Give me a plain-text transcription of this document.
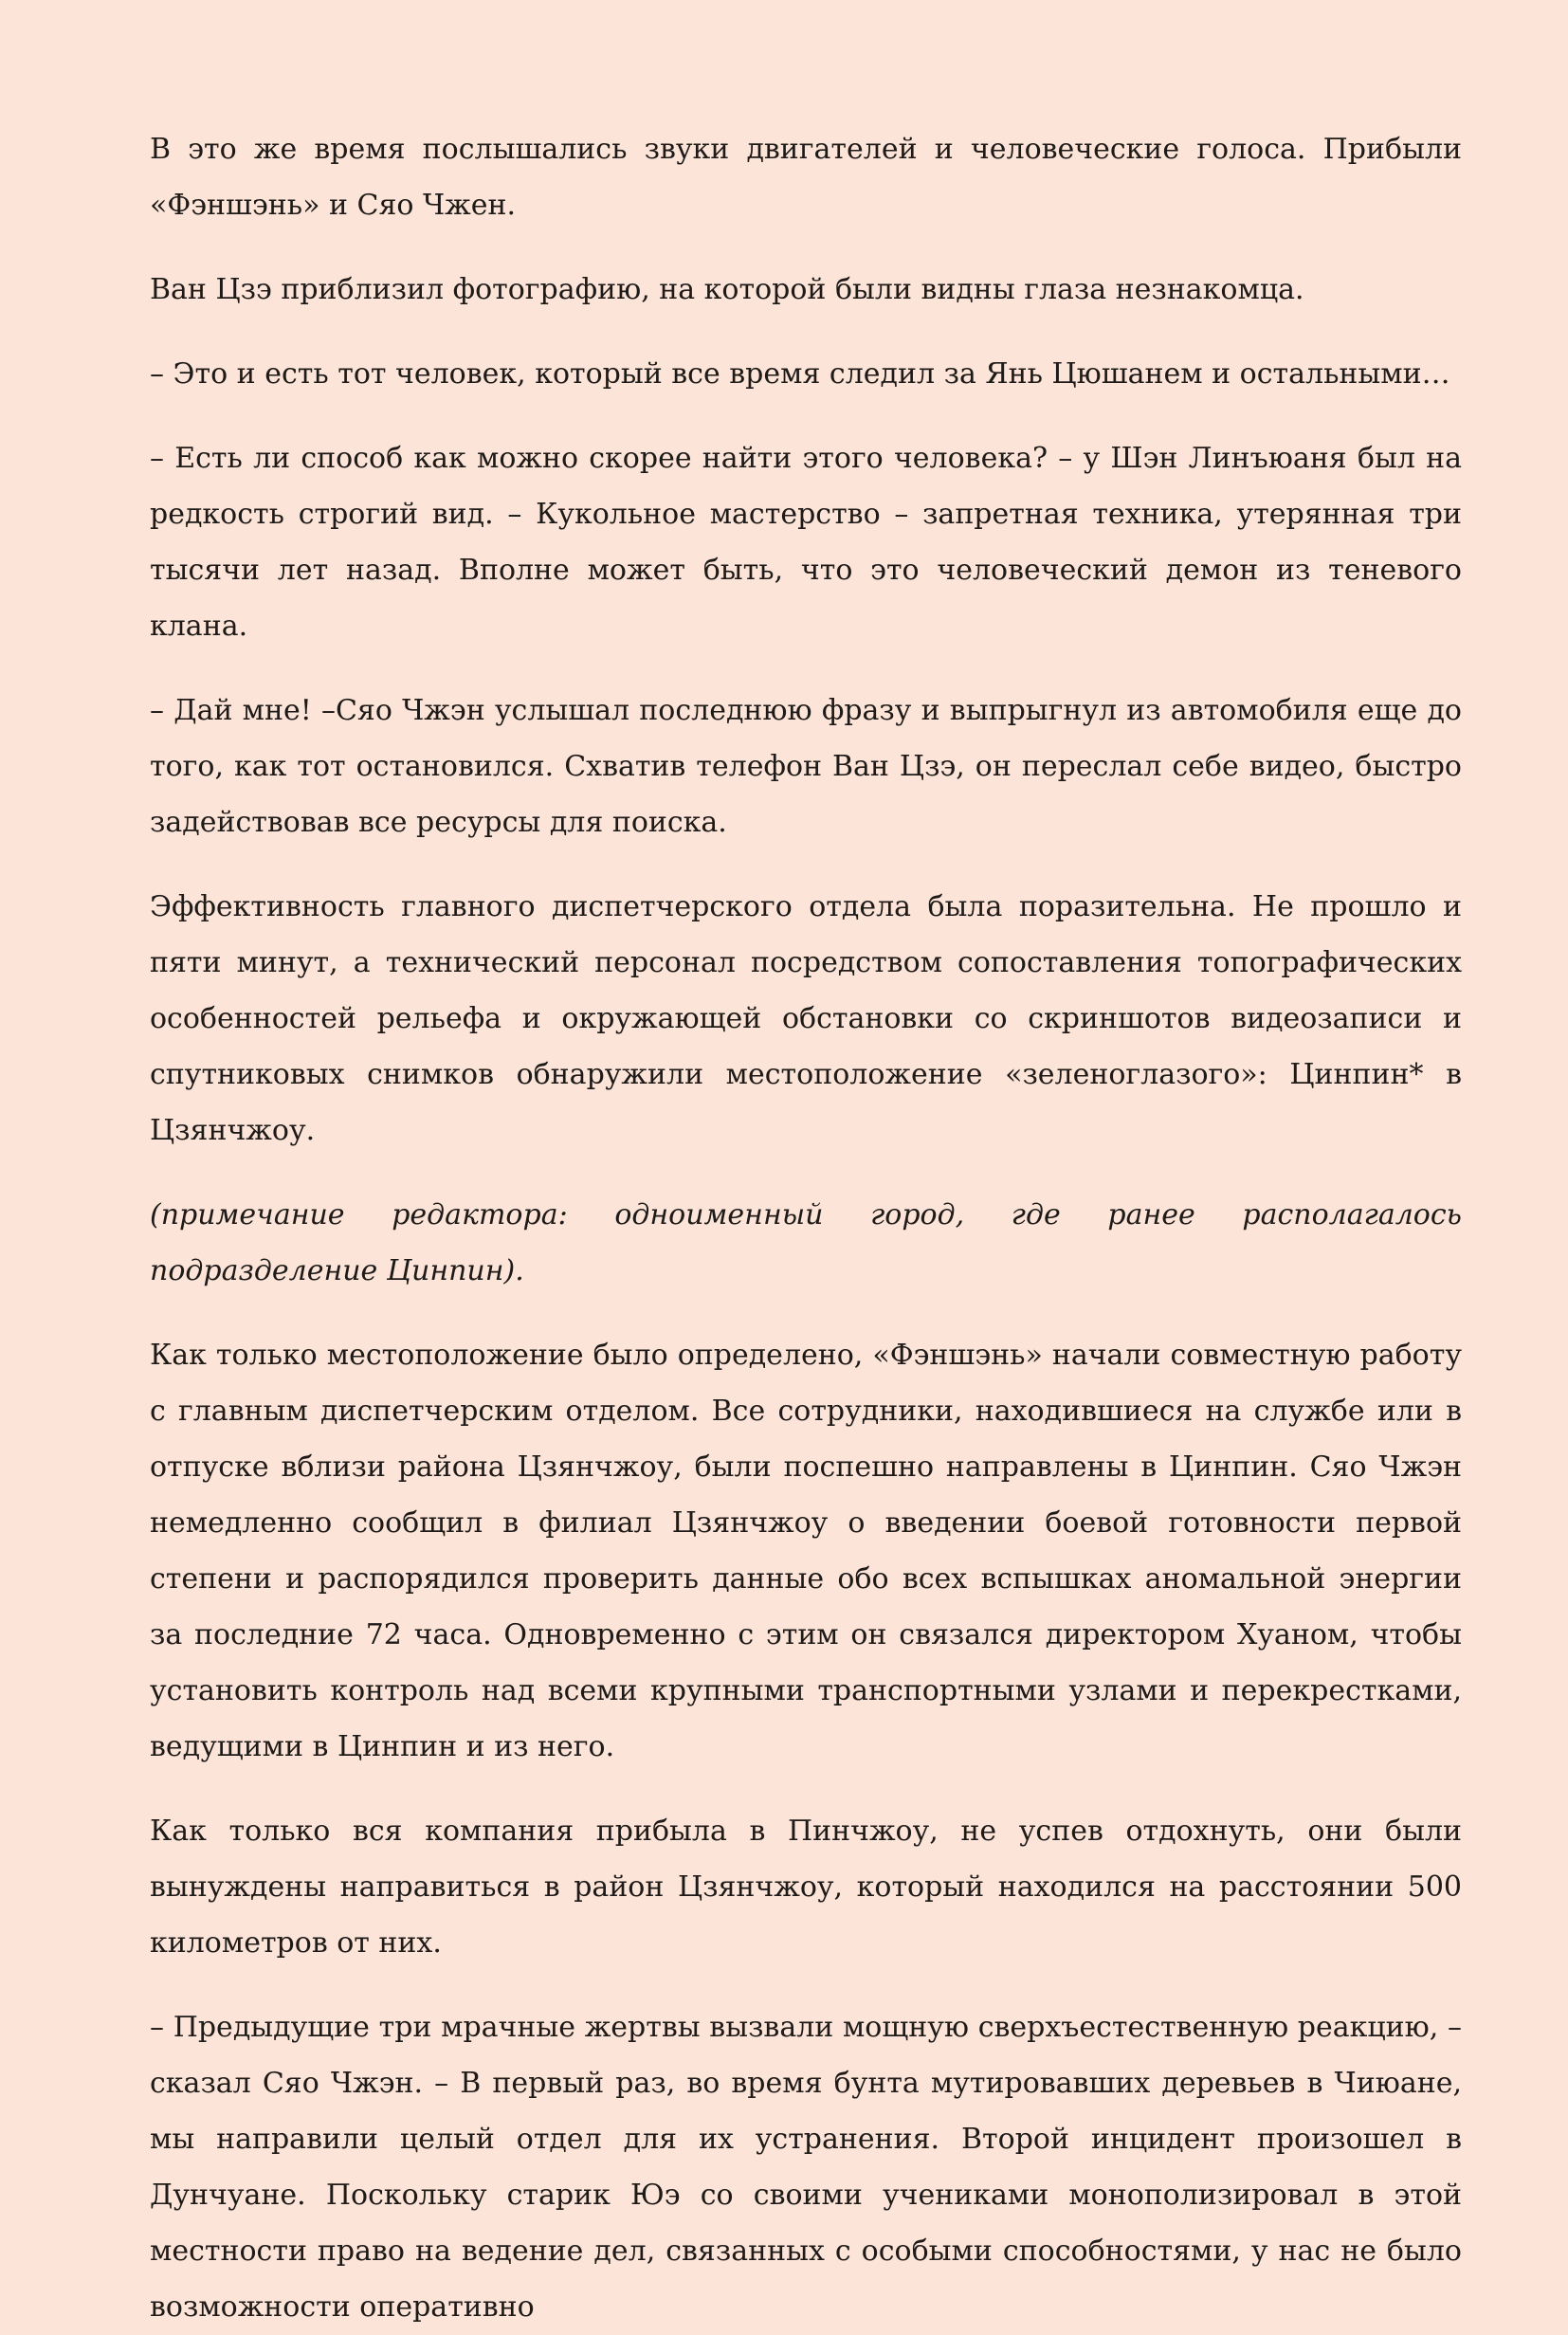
В это же время послышались звуки двигателей и человеческие голоса. Прибыли «Фэншэнь» и Сяо Чжен.

Ван Цзэ приблизил фотографию, на которой были видны глаза незнакомца.

– Это и есть тот человек, который все время следил за Янь Цюшанем и остальными…

– Есть ли способ как можно скорее найти этого человека? – у Шэн Линъюаня был на редкость строгий вид. – Кукольное мастерство – запретная техника, утерянная три тысячи лет назад. Вполне может быть, что это человеческий демон из теневого клана.

– Дай мне! –Сяо Чжэн услышал последнюю фразу и выпрыгнул из автомобиля еще до того, как тот остановился. Схватив телефон Ван Цзэ, он переслал себе видео, быстро задействовав все ресурсы для поиска.

Эффективность главного диспетчерского отдела была поразительна. Не прошло и пяти минут, а технический персонал посредством сопоставления топографических особенностей рельефа и окружающей обстановки со скриншотов видеозаписи и спутниковых снимков обнаружили местоположение «зеленоглазого»: Цинпин* в Цзянчжоу.

(примечание редактора: одноименный город, где ранее располагалось подразделение Цинпин).

Как только местоположение было определено, «Фэншэнь» начали совместную работу с главным диспетчерским отделом. Все сотрудники, находившиеся на службе или в отпуске вблизи района Цзянчжоу, были поспешно направлены в Цинпин. Сяо Чжэн немедленно сообщил в филиал Цзянчжоу о введении боевой готовности первой степени и распорядился проверить данные обо всех вспышках аномальной энергии за последние 72 часа. Одновременно с этим он связался директором Хуаном, чтобы установить контроль над всеми крупными транспортными узлами и перекрестками, ведущими в Цинпин и из него.

Как только вся компания прибыла в Пинчжоу, не успев отдохнуть, они были вынуждены направиться в район Цзянчжоу, который находился на расстоянии 500 километров от них.

– Предыдущие три мрачные жертвы вызвали мощную сверхъестественную реакцию, – сказал Сяо Чжэн. – В первый раз, во время бунта мутировавших деревьев в Чиюане, мы направили целый отдел для их устранения. Второй инцидент произошел в Дунчуане. Поскольку старик Юэ со своими учениками монополизировал в этой местности право на ведение дел, связанных с особыми способностями, у нас не было возможности оперативно
